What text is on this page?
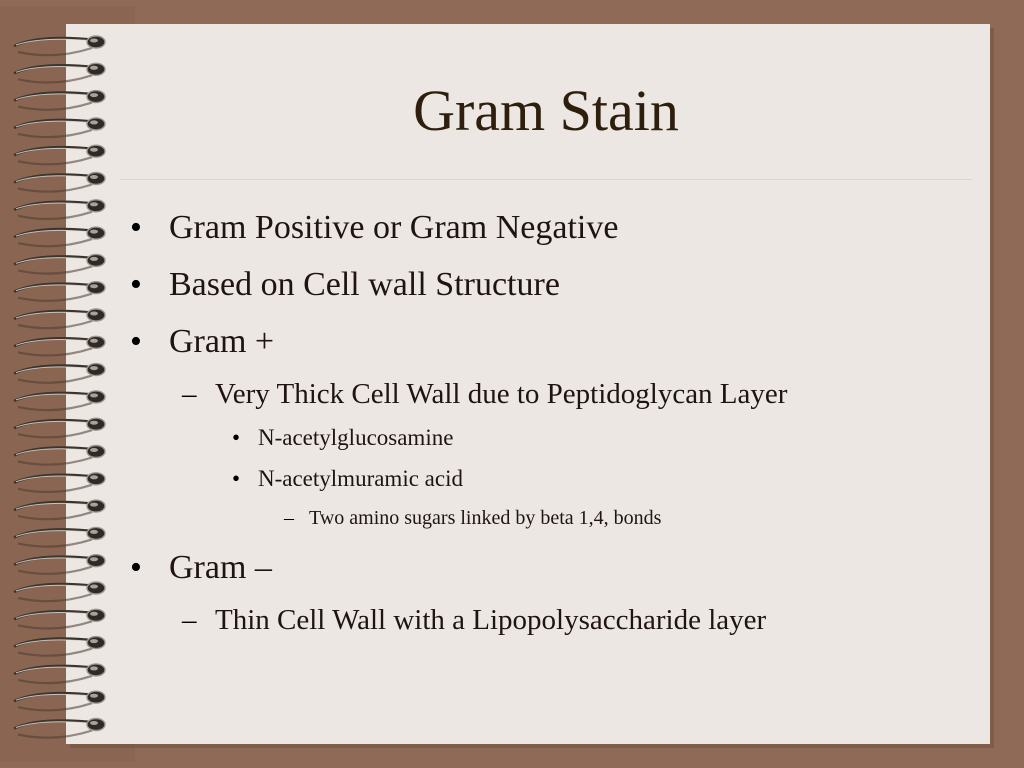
Gram Stain
• Gram Positive or Gram Negative
• Based on Cell wall Structure
• Gram +
– Very Thick Cell Wall due to Peptidoglycan Layer
• N-acetylglucosamine
• N-acetylmuramic acid
– Two amino sugars linked by beta 1,4, bonds
• Gram –
– Thin Cell Wall with a Lipopolysaccharide layer
